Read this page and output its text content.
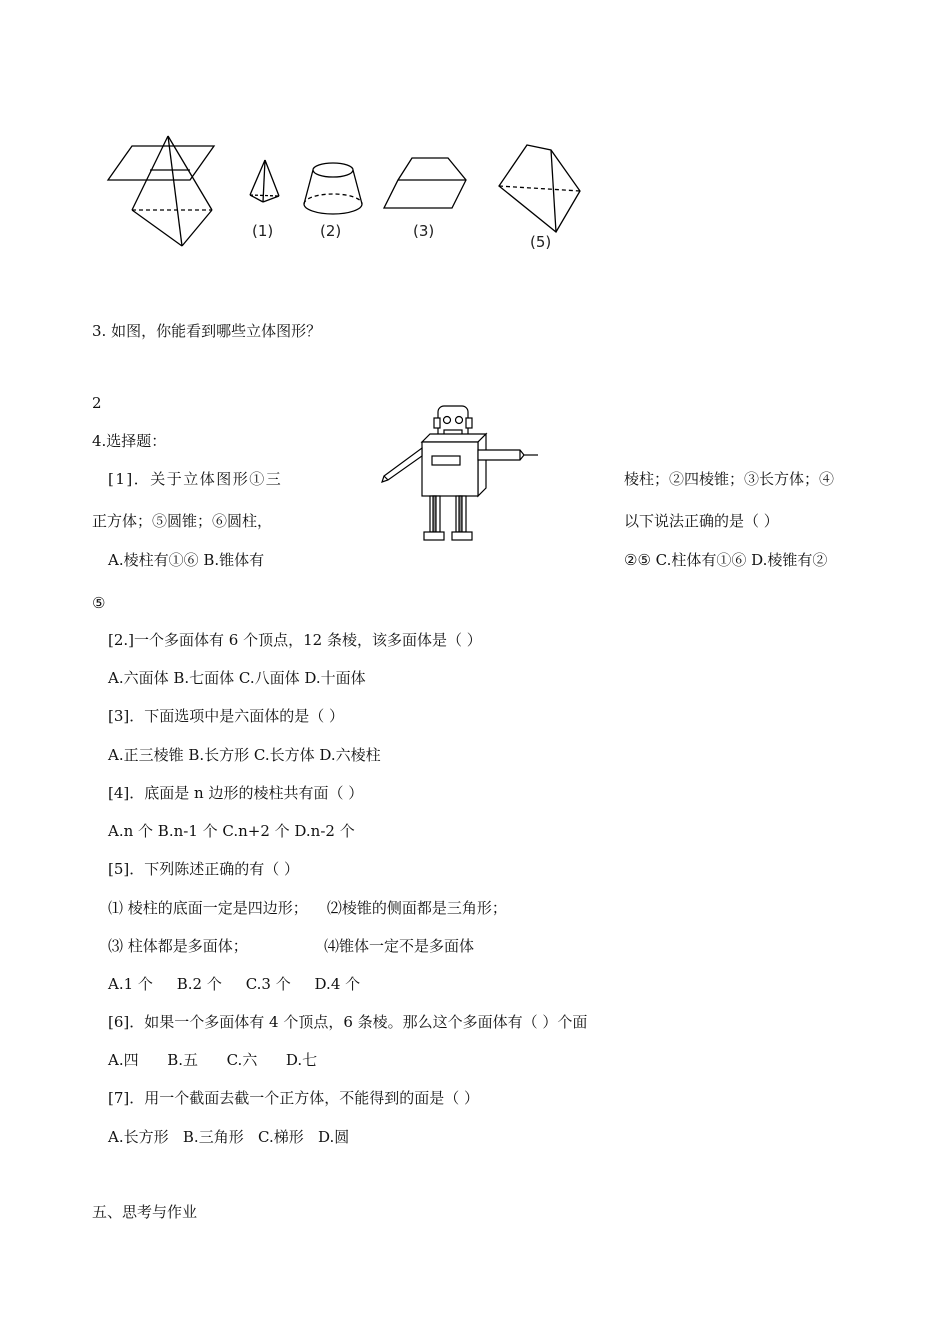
(1)	(2)	(3)
(5)
3. 如图，你能看到哪些立体图形？
2
4.选择题：
[1]．关于立体图形①三	棱柱；②四棱锥；③长方体；④
正方体；⑤圆锥；⑥圆柱，	以下说法正确的是（ ）
A.棱柱有①⑥ B.锥体有	②⑤ C.柱体有①⑥ D.棱锥有②
⑤
[2.]一个多面体有 6 个顶点，12 条棱，该多面体是（ ）
A.六面体 B.七面体 C.八面体 D.十面体
[3]．下面选项中是六面体的是（ ）
A.正三棱锥 B.长方形 C.长方体 D.六棱柱
[4]．底面是 n 边形的棱柱共有面（ ）
A.n 个 B.n-1 个 C.n+2 个 D.n-2 个
[5]．下列陈述正确的有（ ）
⑴ 棱柱的底面一定是四边形；    ⑵棱锥的侧面都是三角形；
⑶ 柱体都是多面体；                ⑷锥体一定不是多面体
A.1 个     B.2 个     C.3 个     D.4 个
[6]．如果一个多面体有 4 个顶点，6 条棱。那么这个多面体有（ ）个面
A.四      B.五      C.六      D.七
[7]．用一个截面去截一个正方体，不能得到的面是（ ）
A.长方形   B.三角形   C.梯形   D.圆
五、思考与作业
